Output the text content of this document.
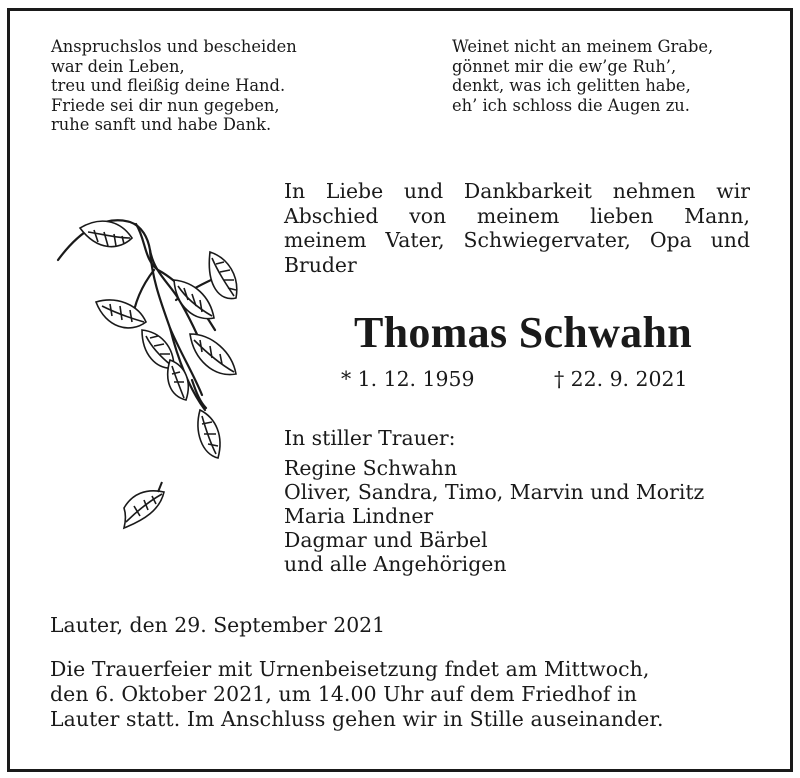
Anspruchslos und bescheiden
war dein Leben,
treu und fleißig deine Hand.
Friede sei dir nun gegeben,
ruhe sanft und habe Dank.
Weinet nicht an meinem Grabe,
gönnet mir die ew’ge Ruh’,
denkt, was ich gelitten habe,
eh’ ich schloss die Augen zu.
In Liebe und Dankbarkeit nehmen wir
Abschied von meinem lieben Mann,
meinem Vater, Schwiegervater, Opa und
Bruder
Thomas Schwahn
* 1. 12. 1959	† 22. 9. 2021
In stiller Trauer:
Regine Schwahn
Oliver, Sandra, Timo, Marvin und Moritz
Maria Lindner
Dagmar und Bärbel
und alle Angehörigen
Lauter, den 29. September 2021
Die Trauerfeier mit Urnenbeisetzung fndet am Mittwoch,
den 6. Oktober 2021, um 14.00 Uhr auf dem Friedhof in
Lauter statt. Im Anschluss gehen wir in Stille auseinander.
